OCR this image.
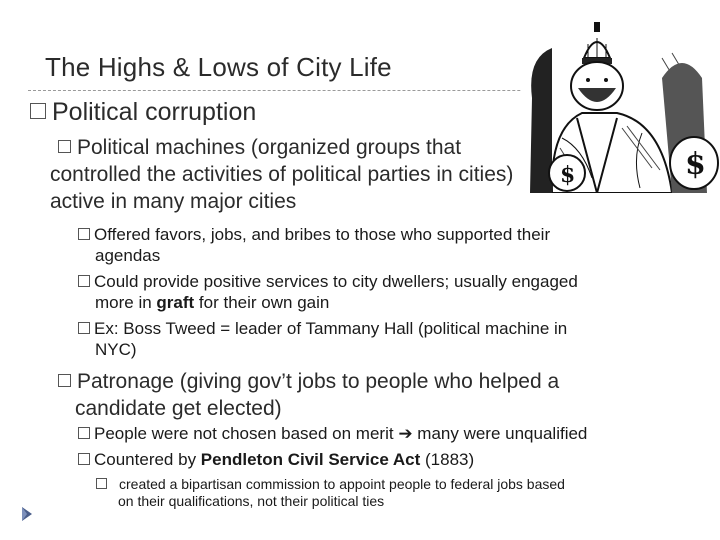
The Highs & Lows of City Life
$
$
Political corruption
Political machines (organized groups that
controlled the activities of political parties in cities)
active in many major cities
Offered favors, jobs, and bribes to those who supported their
agendas
Could provide positive services to city dwellers; usually engaged
more in graft for their own gain
Ex: Boss Tweed = leader of Tammany Hall (political machine in
NYC)
Patronage (giving gov’t jobs to people who helped a
candidate get elected)
People were not chosen based on merit ➔ many were unqualified
Countered by Pendleton Civil Service Act (1883)
created a bipartisan commission to appoint people to federal jobs based
on their qualifications, not their political ties
